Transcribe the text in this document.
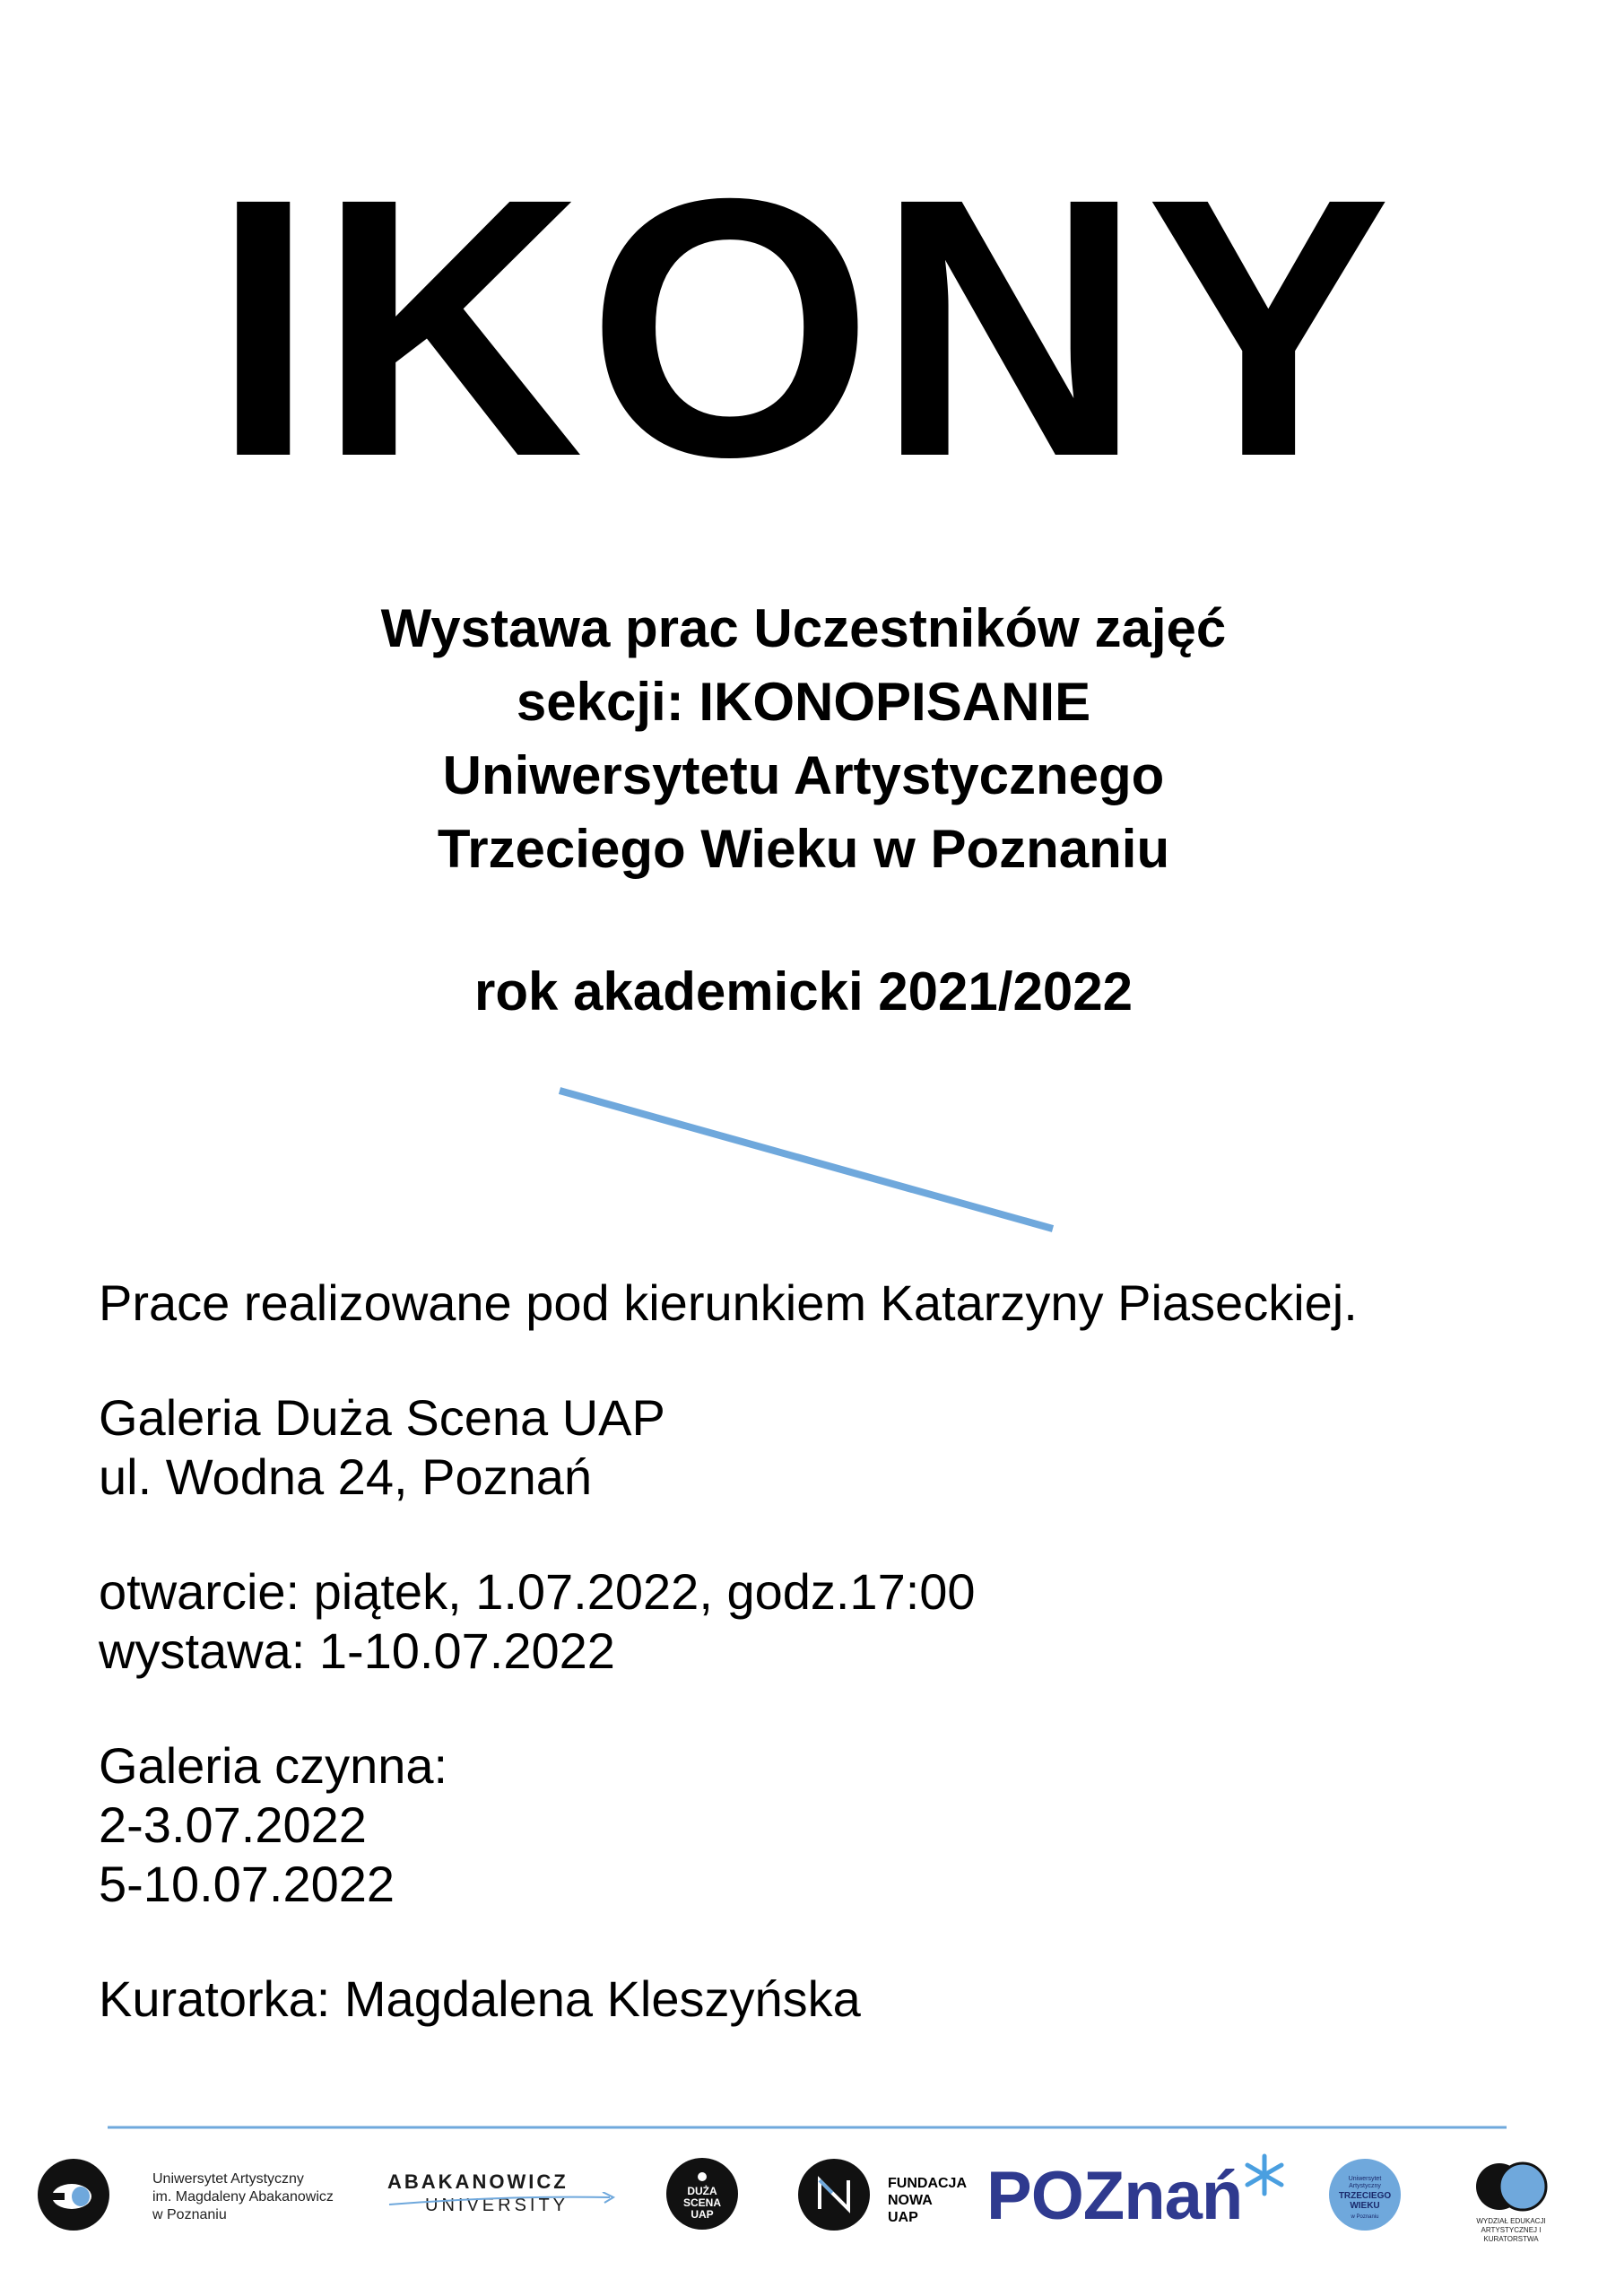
IKONY
Wystawa prac Uczestników zajęć
sekcji: IKONOPISANIE
Uniwersytetu Artystycznego
Trzeciego Wieku w Poznaniu
rok akademicki 2021/2022
Prace realizowane pod kierunkiem Katarzyny Piaseckiej.
Galeria Duża Scena UAP
ul. Wodna 24, Poznań
otwarcie: piątek, 1.07.2022, godz.17:00
wystawa: 1-10.07.2022
Galeria czynna:
2-3.07.2022
5-10.07.2022
Kuratorka: Magdalena Kleszyńska
Uniwersytet Artystyczny
im. Magdaleny Abakanowicz
w Poznaniu
ABAKANOWICZ
UNIVERSITY
DUŻA
SCENA
UAP
FUNDACJA
NOWA
UAP	POZnań	Uniwersytet
Artystyczny
TRZECIEGO
WIEKU
w Poznaniu	WYDZIAŁ EDUKACJI
ARTYSTYCZNEJ I KURATORSTWA
